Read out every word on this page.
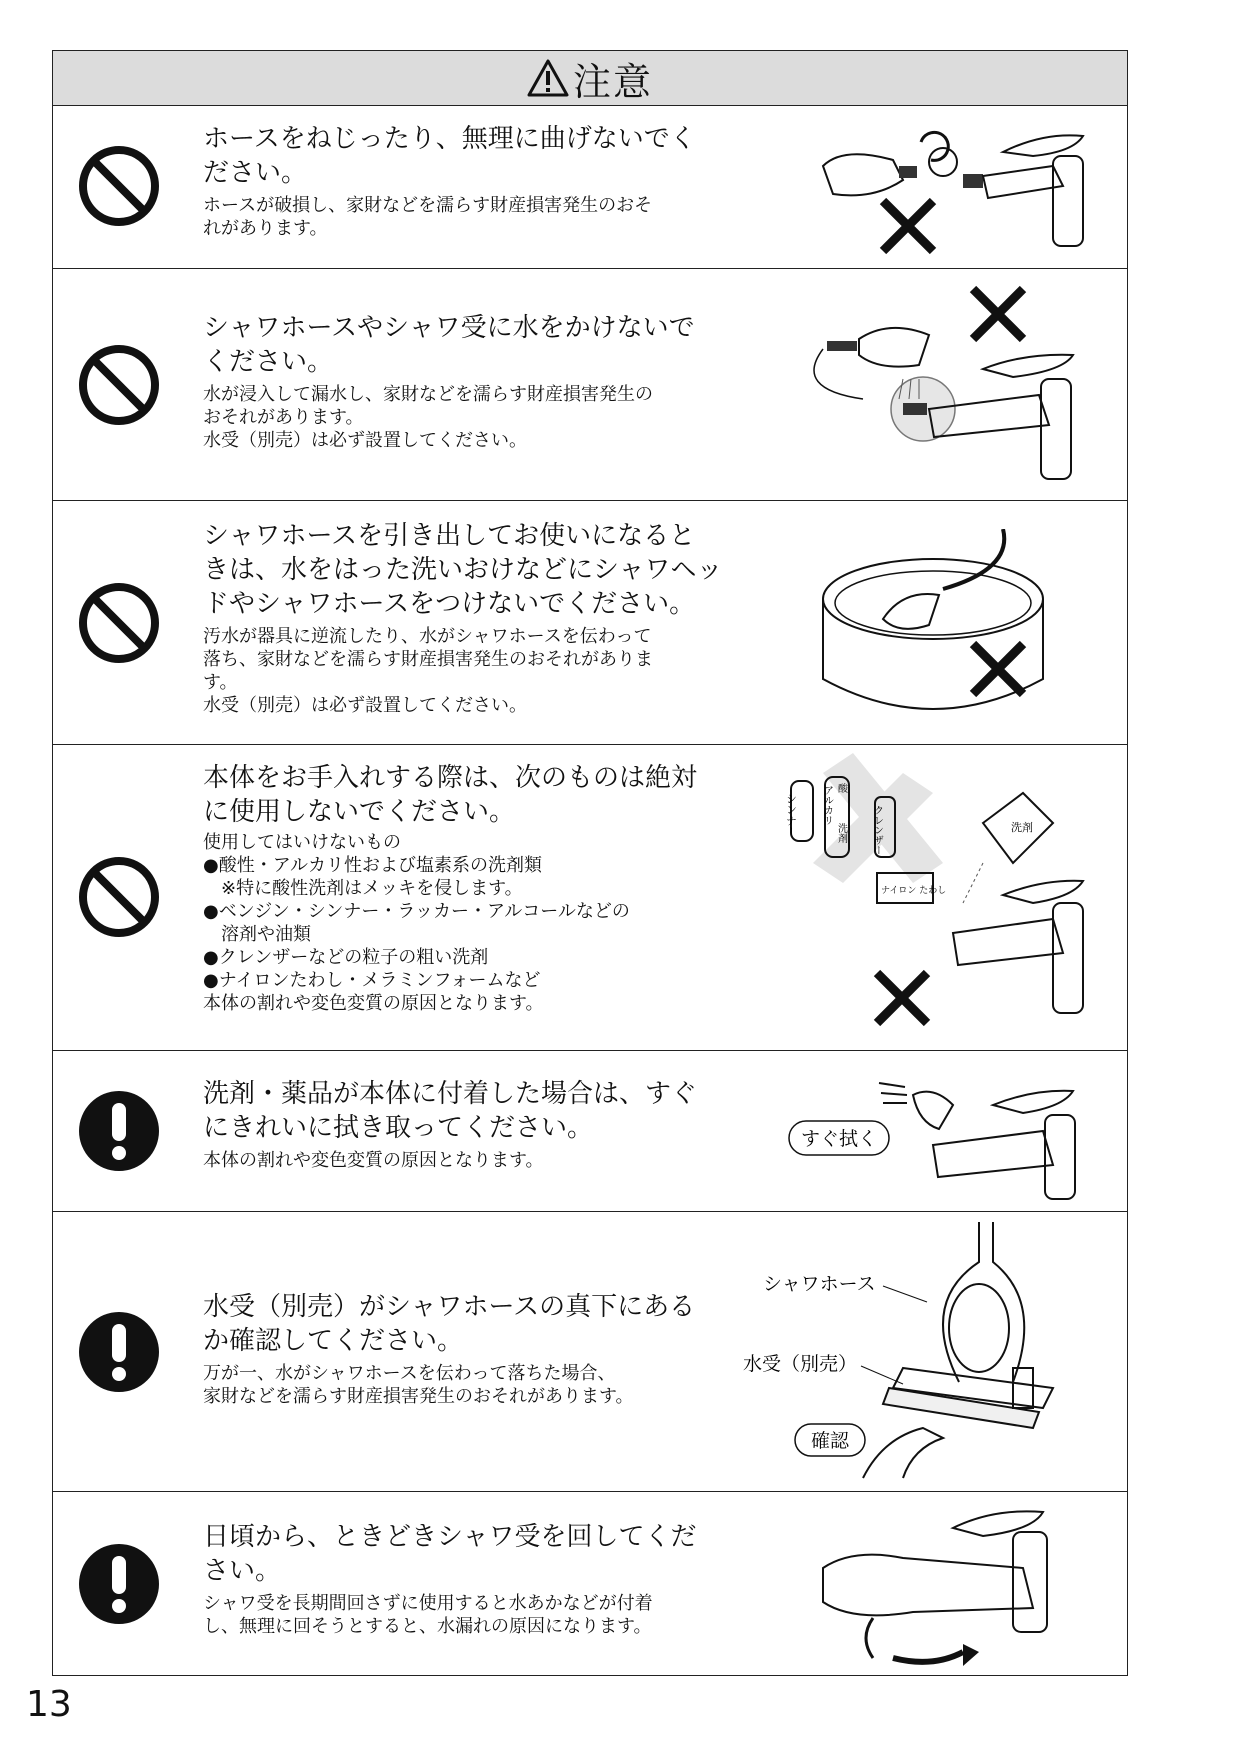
注意
ホースをねじったり、無理に曲げないでく
ださい。
ホースが破損し、家財などを濡らす財産損害発生のおそ
れがあります。
シャワホースやシャワ受に水をかけないで
ください。
水が浸入して漏水し、家財などを濡らす財産損害発生の
おそれがあります。
水受（別売）は必ず設置してください。
シャワホースを引き出してお使いになると
きは、水をはった洗いおけなどにシャワヘッ
ドやシャワホースをつけないでください。
汚水が器具に逆流したり、水がシャワホースを伝わって
落ち、家財などを濡らす財産損害発生のおそれがありま
す。
水受（別売）は必ず設置してください。
本体をお手入れする際は、次のものは絶対
に使用しないでください。
使用してはいけないもの
●酸性・アルカリ性および塩素系の洗剤類
　※特に酸性洗剤はメッキを侵します。
●ベンジン・シンナー・ラッカー・アルコールなどの
　溶剤や油類
●クレンザーなどの粒子の粗い洗剤
●ナイロンたわし・メラミンフォームなど
本体の割れや変色変質の原因となります。
シンナー アルカリ 酸
洗剤	クレンザー
ナイロン たわし
洗剤
洗剤・薬品が本体に付着した場合は、すぐ
にきれいに拭き取ってください。
本体の割れや変色変質の原因となります。
すぐ拭く
水受（別売）がシャワホースの真下にある
か確認してください。
万が一、水がシャワホースを伝わって落ちた場合、
家財などを濡らす財産損害発生のおそれがあります。
シャワホース
水受（別売）
確認
日頃から、ときどきシャワ受を回してくだ
さい。
シャワ受を長期間回さずに使用すると水あかなどが付着
し、無理に回そうとすると、水漏れの原因になります。
13
